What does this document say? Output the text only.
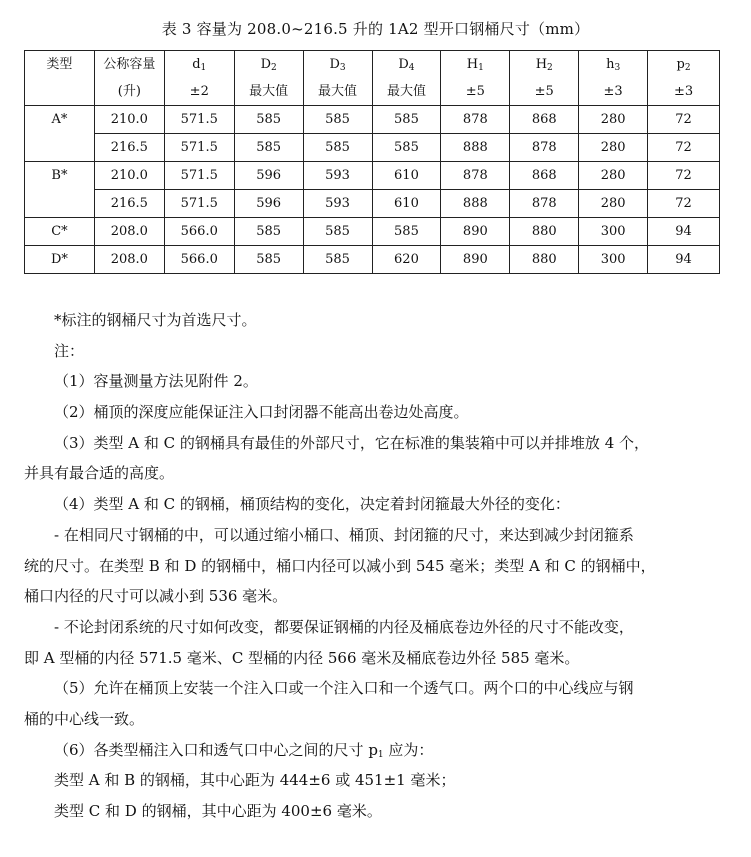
表 3 容量为 208.0~216.5 升的 1A2 型开口钢桶尺寸（mm）
类型	公称容量	$d_1$	$D_2$	$D_3$	$D_4$	$H_1$	$H_2$	$h_3$	$p_2$
	(升)	±2	最大值	最大值	最大值	±5	±5	±3	±3
A*	210.0	571.5	585	585	585	878	868	280	72
	216.5	571.5	585	585	585	888	878	280	72
B*	210.0	571.5	596	593	610	878	868	280	72
	216.5	571.5	596	593	610	888	878	280	72
C*	208.0	566.0	585	585	585	890	880	300	94
D*	208.0	566.0	585	585	620	890	880	300	94

*标注的钢桶尺寸为首选尺寸。

注：

（1）容量测量方法见附件 2。

（2）桶顶的深度应能保证注入口封闭器不能高出卷边处高度。

（3）类型 A 和 C 的钢桶具有最佳的外部尺寸，它在标准的集装箱中可以并排堆放 4 个，

并具有最合适的高度。

（4）类型 A 和 C 的钢桶，桶顶结构的变化，决定着封闭箍最大外径的变化：

- 在相同尺寸钢桶的中，可以通过缩小桶口、桶顶、封闭箍的尺寸，来达到减少封闭箍系

统的尺寸。在类型 B 和 D 的钢桶中，桶口内径可以减小到 545 毫米；类型 A 和 C 的钢桶中，

桶口内径的尺寸可以减小到 536 毫米。

- 不论封闭系统的尺寸如何改变，都要保证钢桶的内径及桶底卷边外径的尺寸不能改变，

即 A 型桶的内径 571.5 毫米、C 型桶的内径 566 毫米及桶底卷边外径 585 毫米。

（5）允许在桶顶上安装一个注入口或一个注入口和一个透气口。两个口的中心线应与钢

桶的中心线一致。

（6）各类型桶注入口和透气口中心之间的尺寸 $p_1$ 应为：

类型 A 和 B 的钢桶，其中心距为 444±6 或 451±1 毫米；

类型 C 和 D 的钢桶，其中心距为 400±6 毫米。
